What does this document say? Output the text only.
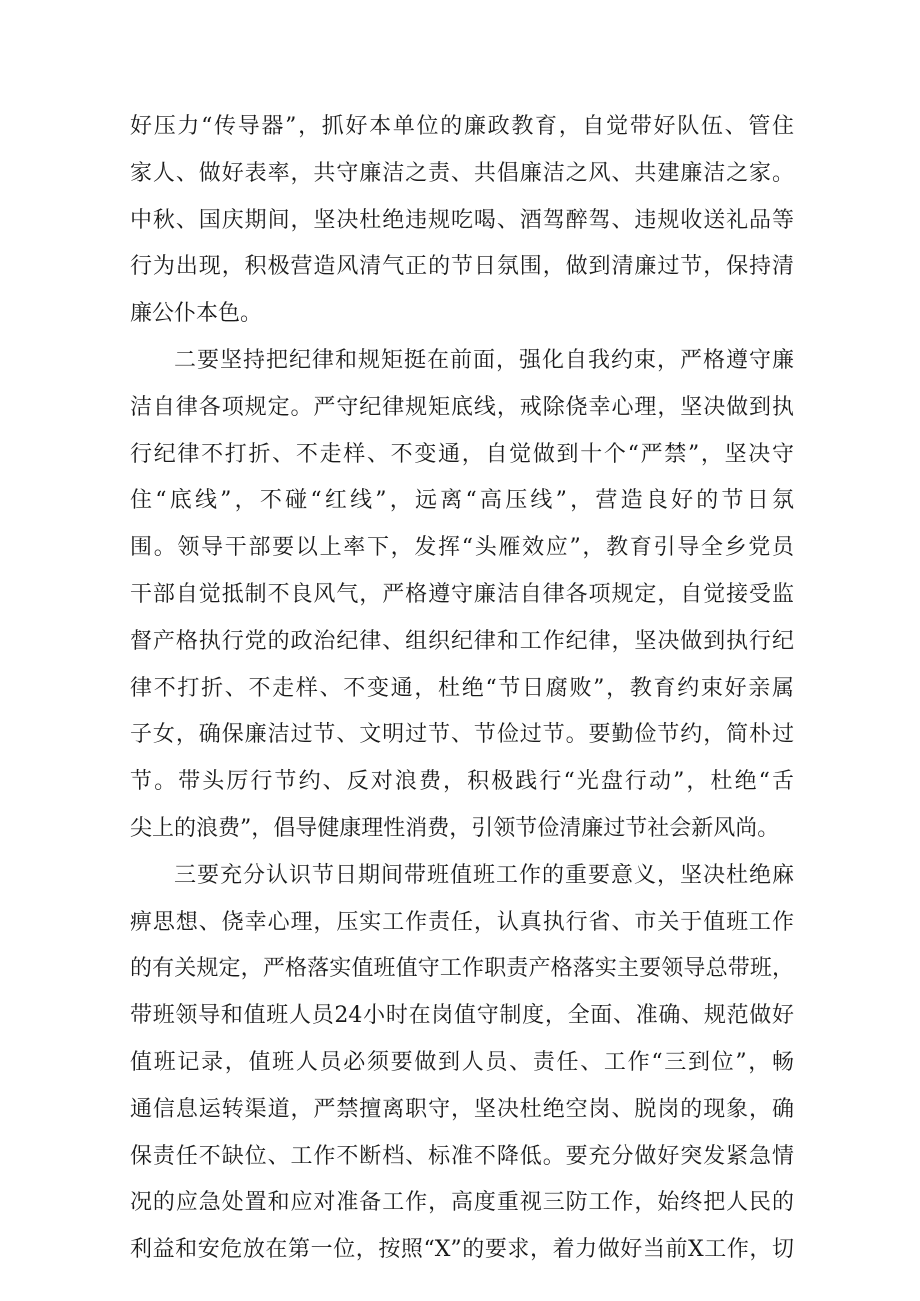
好压力“传导器”，抓好本单位的廉政教育，自觉带好队伍、管住
家人、做好表率，共守廉洁之责、共倡廉洁之风、共建廉洁之家。
中秋、国庆期间，坚决杜绝违规吃喝、酒驾醉驾、违规收送礼品等
行为出现，积极营造风清气正的节日氛围，做到清廉过节，保持清
廉公仆本色。
二要坚持把纪律和规矩挺在前面，强化自我约束，严格遵守廉
洁自律各项规定。严守纪律规矩底线，戒除侥幸心理，坚决做到执
行纪律不打折、不走样、不变通，自觉做到十个“严禁”，坚决守
住“底线”，不碰“红线”，远离“高压线”，营造良好的节日氛
围。领导干部要以上率下，发挥“头雁效应”，教育引导全乡党员
干部自觉抵制不良风气，严格遵守廉洁自律各项规定，自觉接受监
督产格执行党的政治纪律、组织纪律和工作纪律，坚决做到执行纪
律不打折、不走样、不变通，杜绝“节日腐败”，教育约束好亲属
子女，确保廉洁过节、文明过节、节俭过节。要勤俭节约，简朴过
节。带头厉行节约、反对浪费，积极践行“光盘行动”，杜绝“舌
尖上的浪费”，倡导健康理性消费，引领节俭清廉过节社会新风尚。
三要充分认识节日期间带班值班工作的重要意义，坚决杜绝麻
痹思想、侥幸心理，压实工作责任，认真执行省、市关于值班工作
的有关规定，严格落实值班值守工作职责产格落实主要领导总带班，
带班领导和值班人员24小时在岗值守制度，全面、准确、规范做好
值班记录，值班人员必须要做到人员、责任、工作“三到位”，畅
通信息运转渠道，严禁擅离职守，坚决杜绝空岗、脱岗的现象，确
保责任不缺位、工作不断档、标准不降低。要充分做好突发紧急情
况的应急处置和应对准备工作，高度重视三防工作，始终把人民的
利益和安危放在第一位，按照“X”的要求，着力做好当前X工作，切
